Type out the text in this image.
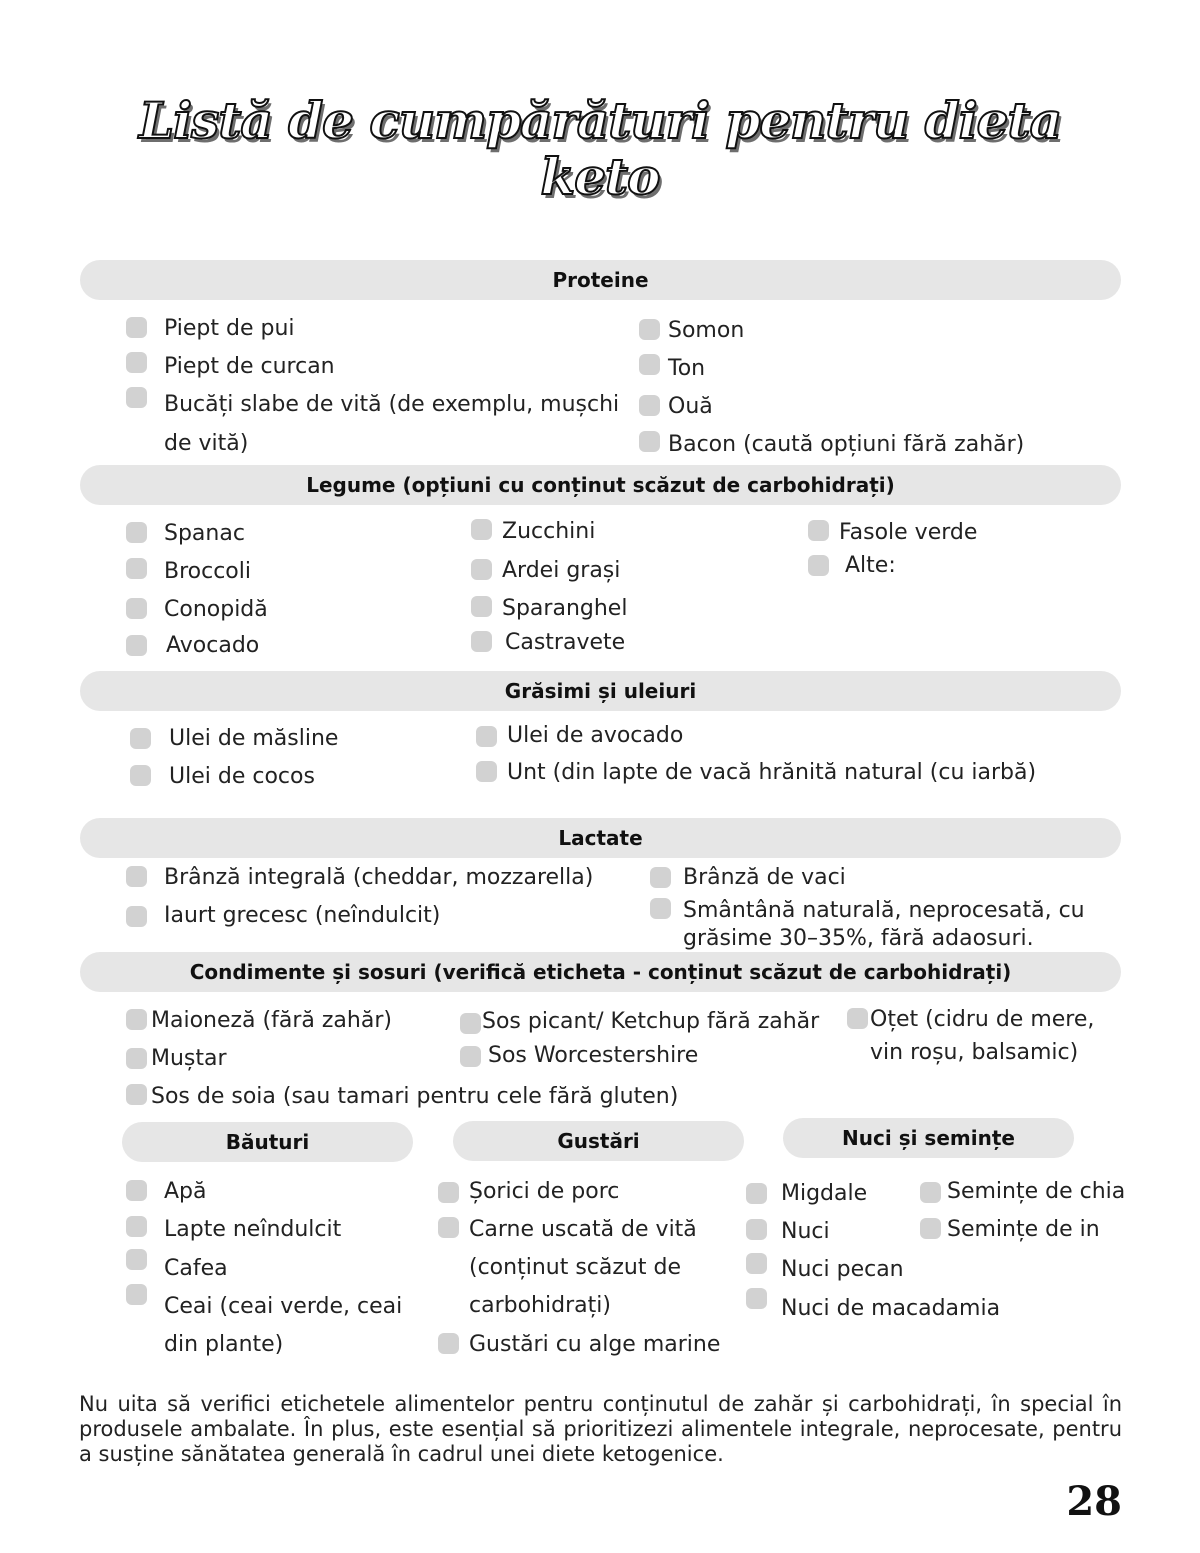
Listă de cumpărături pentru dieta
keto
Proteine
Piept de pui
Piept de curcan
Bucăți slabe de vită (de exemplu, mușchi
de vită)
Somon
Ton
Ouă
Bacon (caută opțiuni fără zahăr)
Legume (opțiuni cu conținut scăzut de carbohidrați)
Spanac
Broccoli
Conopidă
Avocado
Zucchini
Ardei grași
Sparanghel
Castravete
Fasole verde
Alte:
Grăsimi și uleiuri
Ulei de măsline
Ulei de cocos
Ulei de avocado
Unt (din lapte de vacă hrănită natural (cu iarbă)
Lactate
Brânză integrală (cheddar, mozzarella)
Iaurt grecesc (neîndulcit)
Brânză de vaci
Smântână naturală, neprocesată, cu
grăsime 30–35%, fără adaosuri.
Condimente și sosuri (verifică eticheta - conținut scăzut de carbohidrați)
Maioneză (fără zahăr)
Muștar
Sos de soia (sau tamari pentru cele fără gluten)
Sos picant/ Ketchup fără zahăr
Sos Worcestershire
Oțet (cidru de mere,
vin roșu, balsamic)
Băuturi	Gustări	Nuci și semințe
Apă
Lapte neîndulcit
Cafea
Ceai (ceai verde, ceai
din plante)
Șorici de porc
Carne uscată de vită
(conținut scăzut de
carbohidrați)
Gustări cu alge marine
Migdale
Nuci
Nuci pecan
Nuci de macadamia
Semințe de chia
Semințe de in
Nu uita să verifici etichetele alimentelor pentru conținutul de zahăr și carbohidrați, în special în produsele ambalate. În plus, este esențial să prioritizezi alimentele integrale, neprocesate, pentru a susține sănătatea generală în cadrul unei diete ketogenice.
28
